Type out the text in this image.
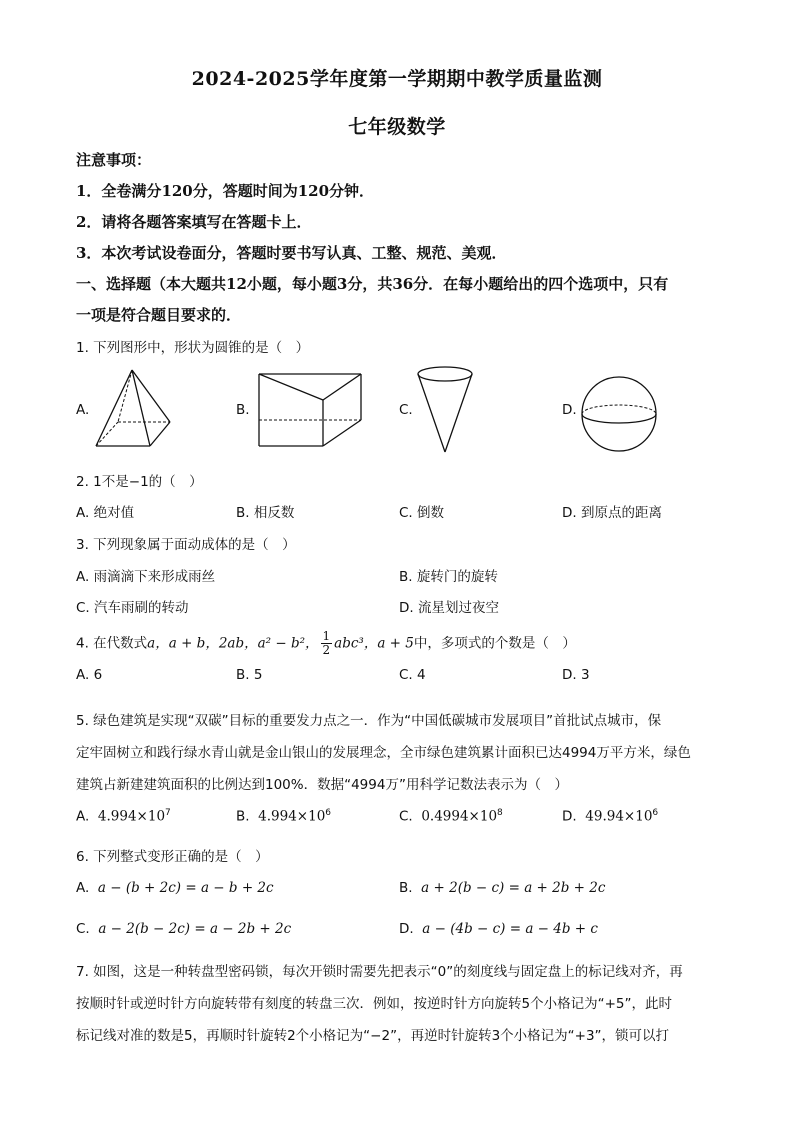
2024-2025学年度第一学期期中教学质量监测
七年级数学
注意事项：
1．全卷满分120分，答题时间为120分钟．
2．请将各题答案填写在答题卡上．
3．本次考试设卷面分，答题时要书写认真、工整、规范、美观．
一、选择题（本大题共12小题，每小题3分，共36分．在每小题给出的四个选项中，只有
一项是符合题目要求的．
1. 下列图形中，形状为圆锥的是（　）
A.	B.	C.	D.
2. 1不是−1的（　）
A. 绝对值	B. 相反数	C. 倒数	D. 到原点的距离
3. 下列现象属于面动成体的是（　）
A. 雨滴滴下来形成雨丝	B. 旋转门的旋转
C. 汽车雨刷的转动	D. 流星划过夜空
4. 在代数式a，a + b，2ab，a² − b²， $\frac{1}{2} abc^3$，a + 5中，多项式的个数是（　）
A. 6	B. 5	C. 4	D. 3
5. 绿色建筑是实现“双碳”目标的重要发力点之一．作为“中国低碳城市发展项目”首批试点城市，保
定牢固树立和践行绿水青山就是金山银山的发展理念，全市绿色建筑累计面积已达4994万平方米，绿色
建筑占新建建筑面积的比例达到100%．数据“4994万”用科学记数法表示为（　）
A. $4.994\times 10^7$	B. $4.994\times 10^6$	C. $0.4994\times 10^8$	D. $49.94\times 10^6$
6. 下列整式变形正确的是（　）
A. a − (b + 2c) = a − b + 2c	B. a + 2(b − c) = a + 2b + 2c
C. a − 2(b − 2c) = a − 2b + 2c	D. a − (4b − c) = a − 4b + c
7. 如图，这是一种转盘型密码锁，每次开锁时需要先把表示“0”的刻度线与固定盘上的标记线对齐，再
按顺时针或逆时针方向旋转带有刻度的转盘三次．例如，按逆时针方向旋转5个小格记为“+5”，此时
标记线对准的数是5，再顺时针旋转2个小格记为“−2”，再逆时针旋转3个小格记为“+3”，锁可以打
